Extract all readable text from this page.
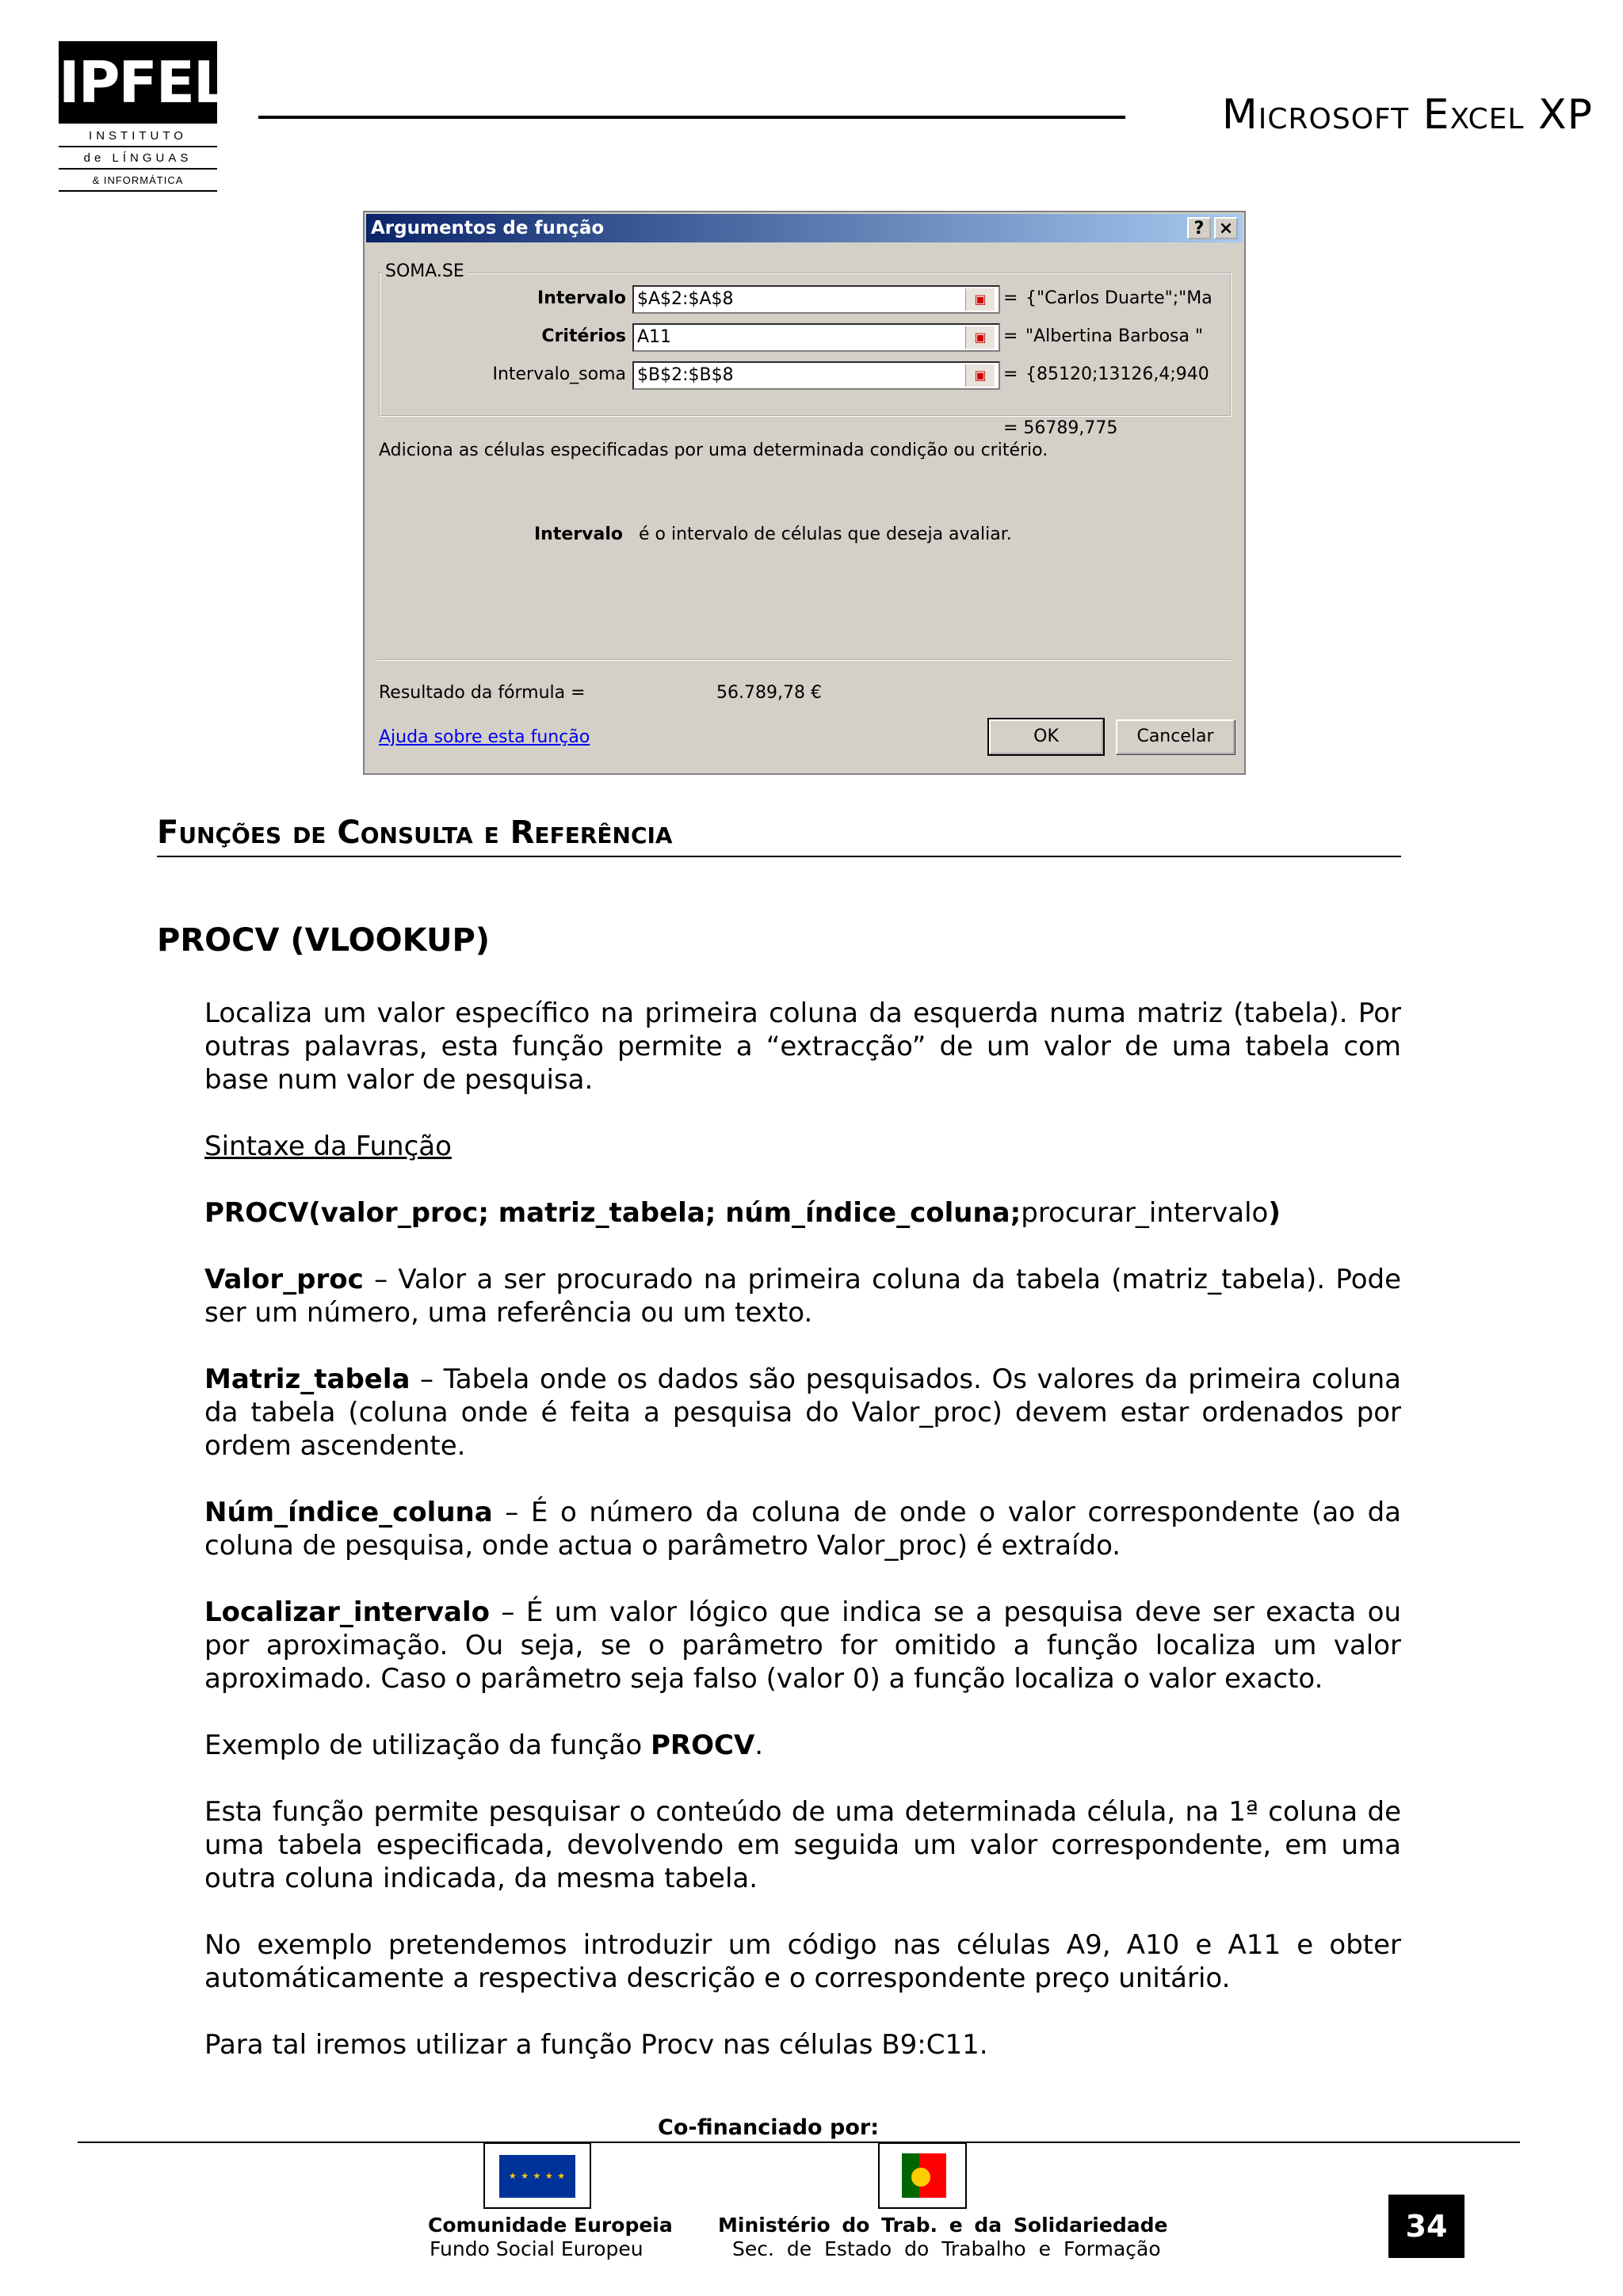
IPFEL
INSTITUTO
de LÍNGUAS
& INFORMÁTICA
Microsoft Excel XP
Argumentos de função	? ×
SOMA.SE
Intervalo $A$2:$A$8	▣ = {"Carlos Duarte";"Ma
Critérios A11	▣ = "Albertina Barbosa "
Intervalo_soma $B$2:$B$8	▣ = {85120;13126,4;940
= 56789,775
Adiciona as células especificadas por uma determinada condição ou critério.
Intervalo é o intervalo de células que deseja avaliar.
Resultado da fórmula =	56.789,78 €
Ajuda sobre esta função	OK	Cancelar
Funções de Consulta e Referência
PROCV (VLOOKUP)
Localiza um valor específico na primeira coluna da esquerda numa matriz (tabela). Por outras palavras, esta função permite a “extracção” de um valor de uma tabela com base num valor de pesquisa.
Sintaxe da Função
PROCV(valor_proc; matriz_tabela; núm_índice_coluna;procurar_intervalo)
Valor_proc – Valor a ser procurado na primeira coluna da tabela (matriz_tabela). Pode ser um número, uma referência ou um texto.
Matriz_tabela – Tabela onde os dados são pesquisados. Os valores da primeira coluna da tabela (coluna onde é feita a pesquisa do Valor_proc) devem estar ordenados por ordem ascendente.
Núm_índice_coluna – É o número da coluna de onde o valor correspondente (ao da coluna de pesquisa, onde actua o parâmetro Valor_proc) é extraído.
Localizar_intervalo – É um valor lógico que indica se a pesquisa deve ser exacta ou por aproximação. Ou seja, se o parâmetro for omitido a função localiza um valor aproximado. Caso o parâmetro seja falso (valor 0) a função localiza o valor exacto.
Exemplo de utilização da função PROCV.
Esta função permite pesquisar o conteúdo de uma determinada célula, na 1ª coluna de uma tabela especificada, devolvendo em seguida um valor correspondente, em uma outra coluna indicada, da mesma tabela.
No exemplo pretendemos introduzir um código nas células A9, A10 e A11 e obter automáticamente a respectiva descrição e o correspondente preço unitário.
Para tal iremos utilizar a função Procv nas células B9:C11.
Co-financiado por:
★ ★ ★ ★ ★
Comunidade Europeia
Fundo Social Europeu
Ministério do Trab. e da Solidariedade
Sec. de Estado do Trabalho e Formação
34
